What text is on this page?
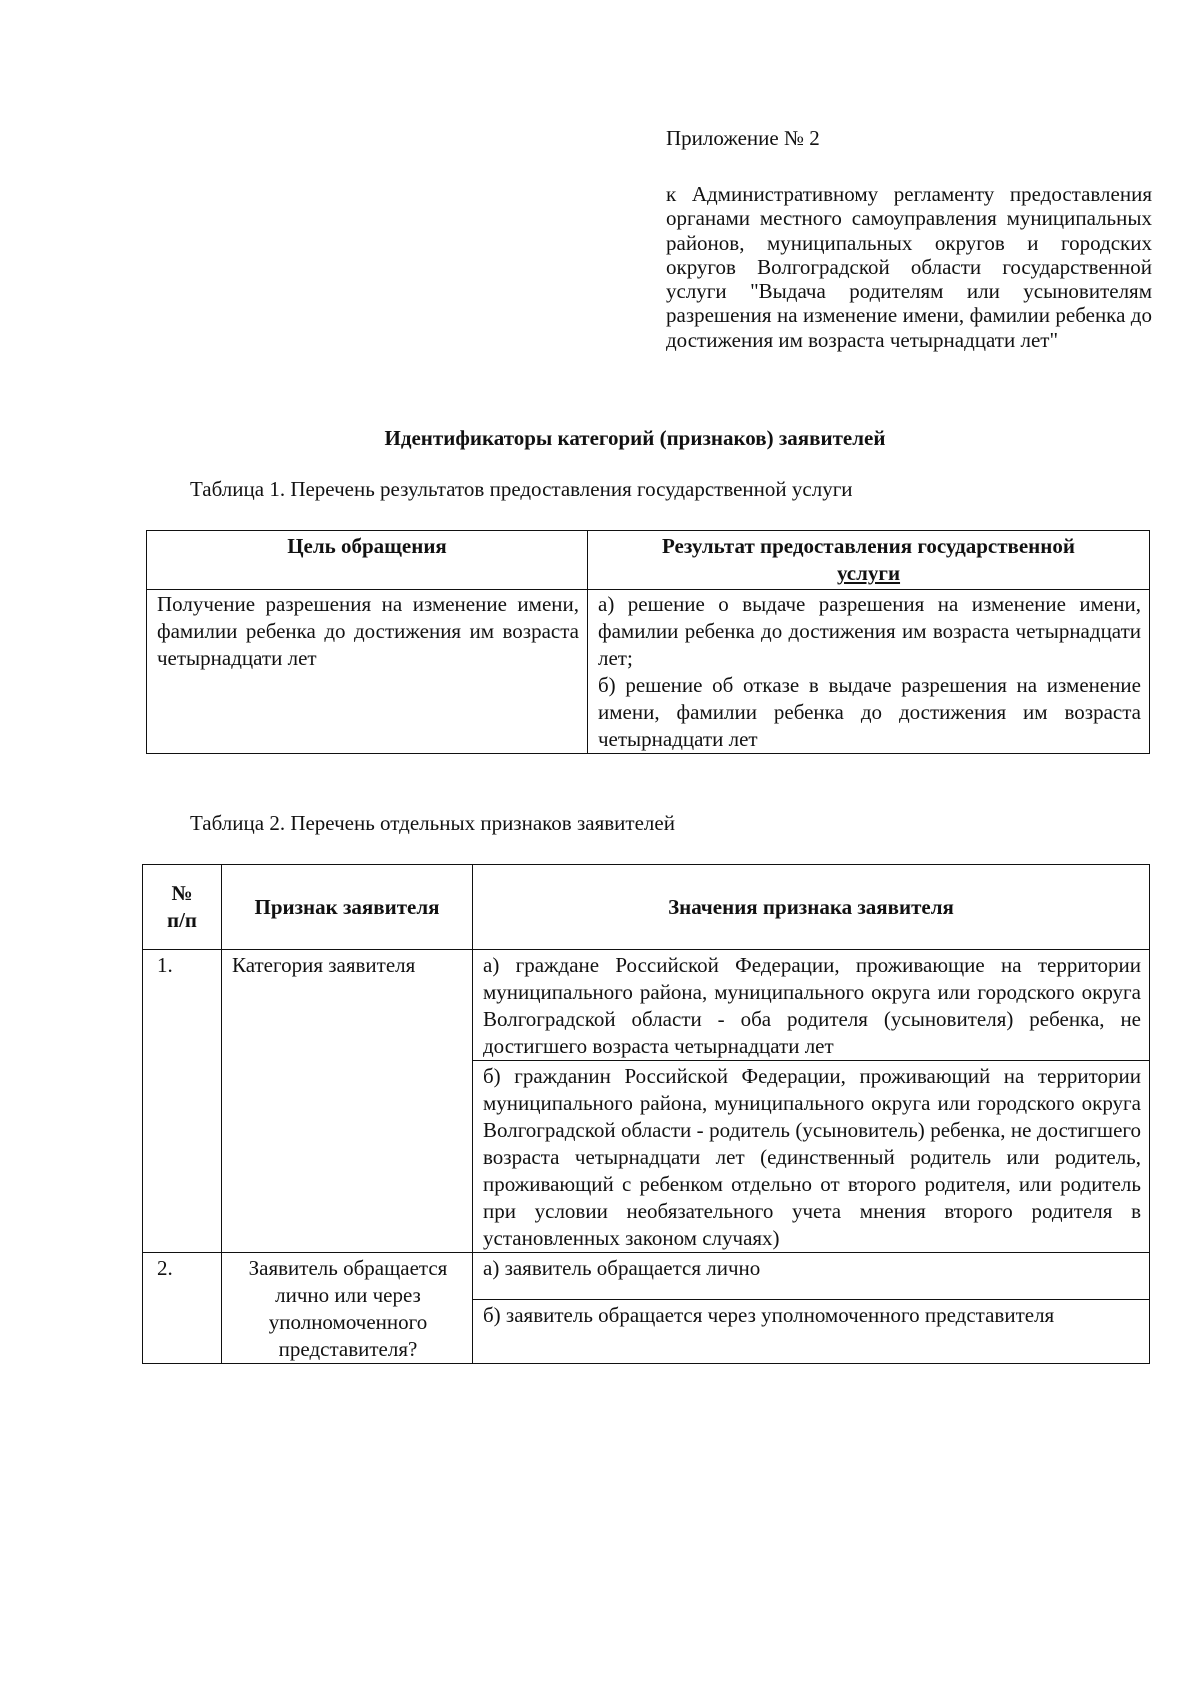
Приложение № 2
к Административному регламенту предоставления органами местного самоуправления муниципальных районов, муниципальных округов и городских округов Волгоградской области государственной услуги "Выдача родителям или усыновителям разрешения на изменение имени, фамилии ребенка до достижения им возраста четырнадцати лет"
Идентификаторы категорий (признаков) заявителей
Таблица 1. Перечень результатов предоставления государственной услуги
Цель обращения	Результат предоставления государственной
услуги
Получение разрешения на изменение имени, фамилии ребенка до достижения им возраста четырнадцати лет	а) решение о выдаче разрешения на изменение имени, фамилии ребенка до достижения им возраста четырнадцати лет;
б) решение об отказе в выдаче разрешения на изменение имени, фамилии ребенка до достижения им возраста четырнадцати лет
Таблица 2. Перечень отдельных признаков заявителей
№
п/п	Признак заявителя	Значения признака заявителя
1.	Категория заявителя	а) граждане Российской Федерации, проживающие на территории муниципального района, муниципального округа или городского округа Волгоградской области - оба родителя (усыновителя) ребенка, не достигшего возраста четырнадцати лет
		б) гражданин Российской Федерации, проживающий на территории муниципального района, муниципального округа или городского округа Волгоградской области - родитель (усыновитель) ребенка, не достигшего возраста четырнадцати лет (единственный родитель или родитель, проживающий с ребенком отдельно от второго родителя, или родитель при условии необязательного учета мнения второго родителя в установленных законом случаях)
2.	Заявитель обращается лично или через уполномоченного представителя?	а) заявитель обращается лично
		б) заявитель обращается через уполномоченного представителя
